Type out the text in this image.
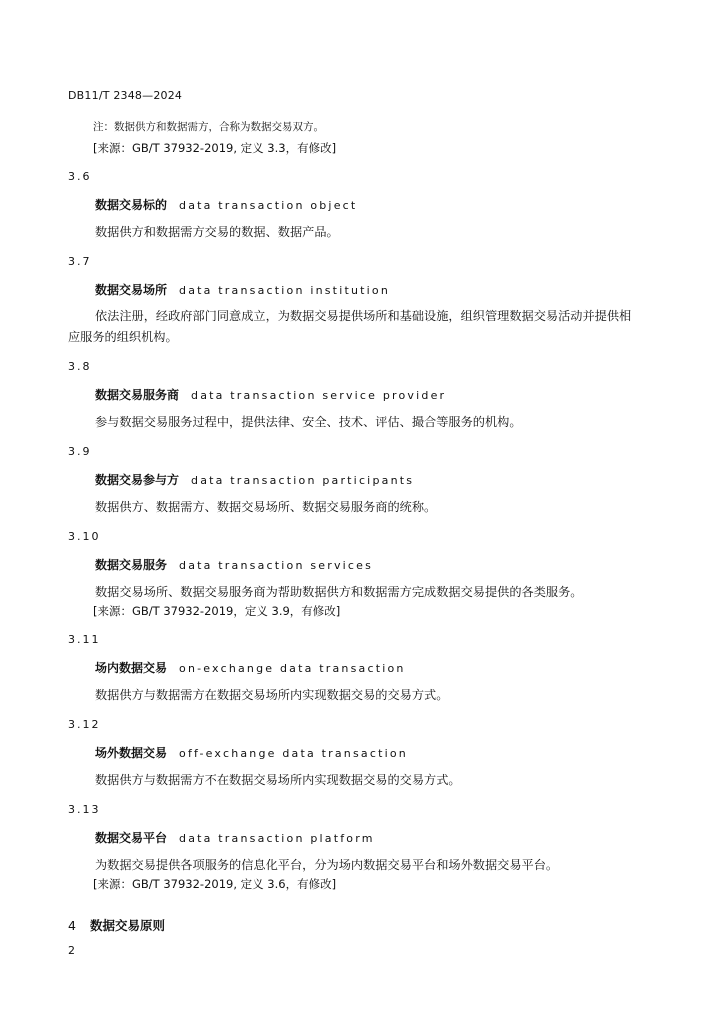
DB11/T 2348—2024
注：数据供方和数据需方，合称为数据交易双方。
[来源：GB/T 37932-2019, 定义 3.3，有修改]
3.6
数据交易标的 data transaction object
数据供方和数据需方交易的数据、数据产品。
3.7
数据交易场所 data transaction institution
依法注册，经政府部门同意成立，为数据交易提供场所和基础设施，组织管理数据交易活动并提供相应服务的组织机构。
3.8
数据交易服务商 data transaction service provider
参与数据交易服务过程中，提供法律、安全、技术、评估、撮合等服务的机构。
3.9
数据交易参与方 data transaction participants
数据供方、数据需方、数据交易场所、数据交易服务商的统称。
3.10
数据交易服务 data transaction services
数据交易场所、数据交易服务商为帮助数据供方和数据需方完成数据交易提供的各类服务。
[来源：GB/T 37932-2019，定义 3.9，有修改]
3.11
场内数据交易 on-exchange data transaction
数据供方与数据需方在数据交易场所内实现数据交易的交易方式。
3.12
场外数据交易 off-exchange data transaction
数据供方与数据需方不在数据交易场所内实现数据交易的交易方式。
3.13
数据交易平台 data transaction platform
为数据交易提供各项服务的信息化平台，分为场内数据交易平台和场外数据交易平台。
[来源：GB/T 37932-2019, 定义 3.6，有修改]
4 数据交易原则
2
